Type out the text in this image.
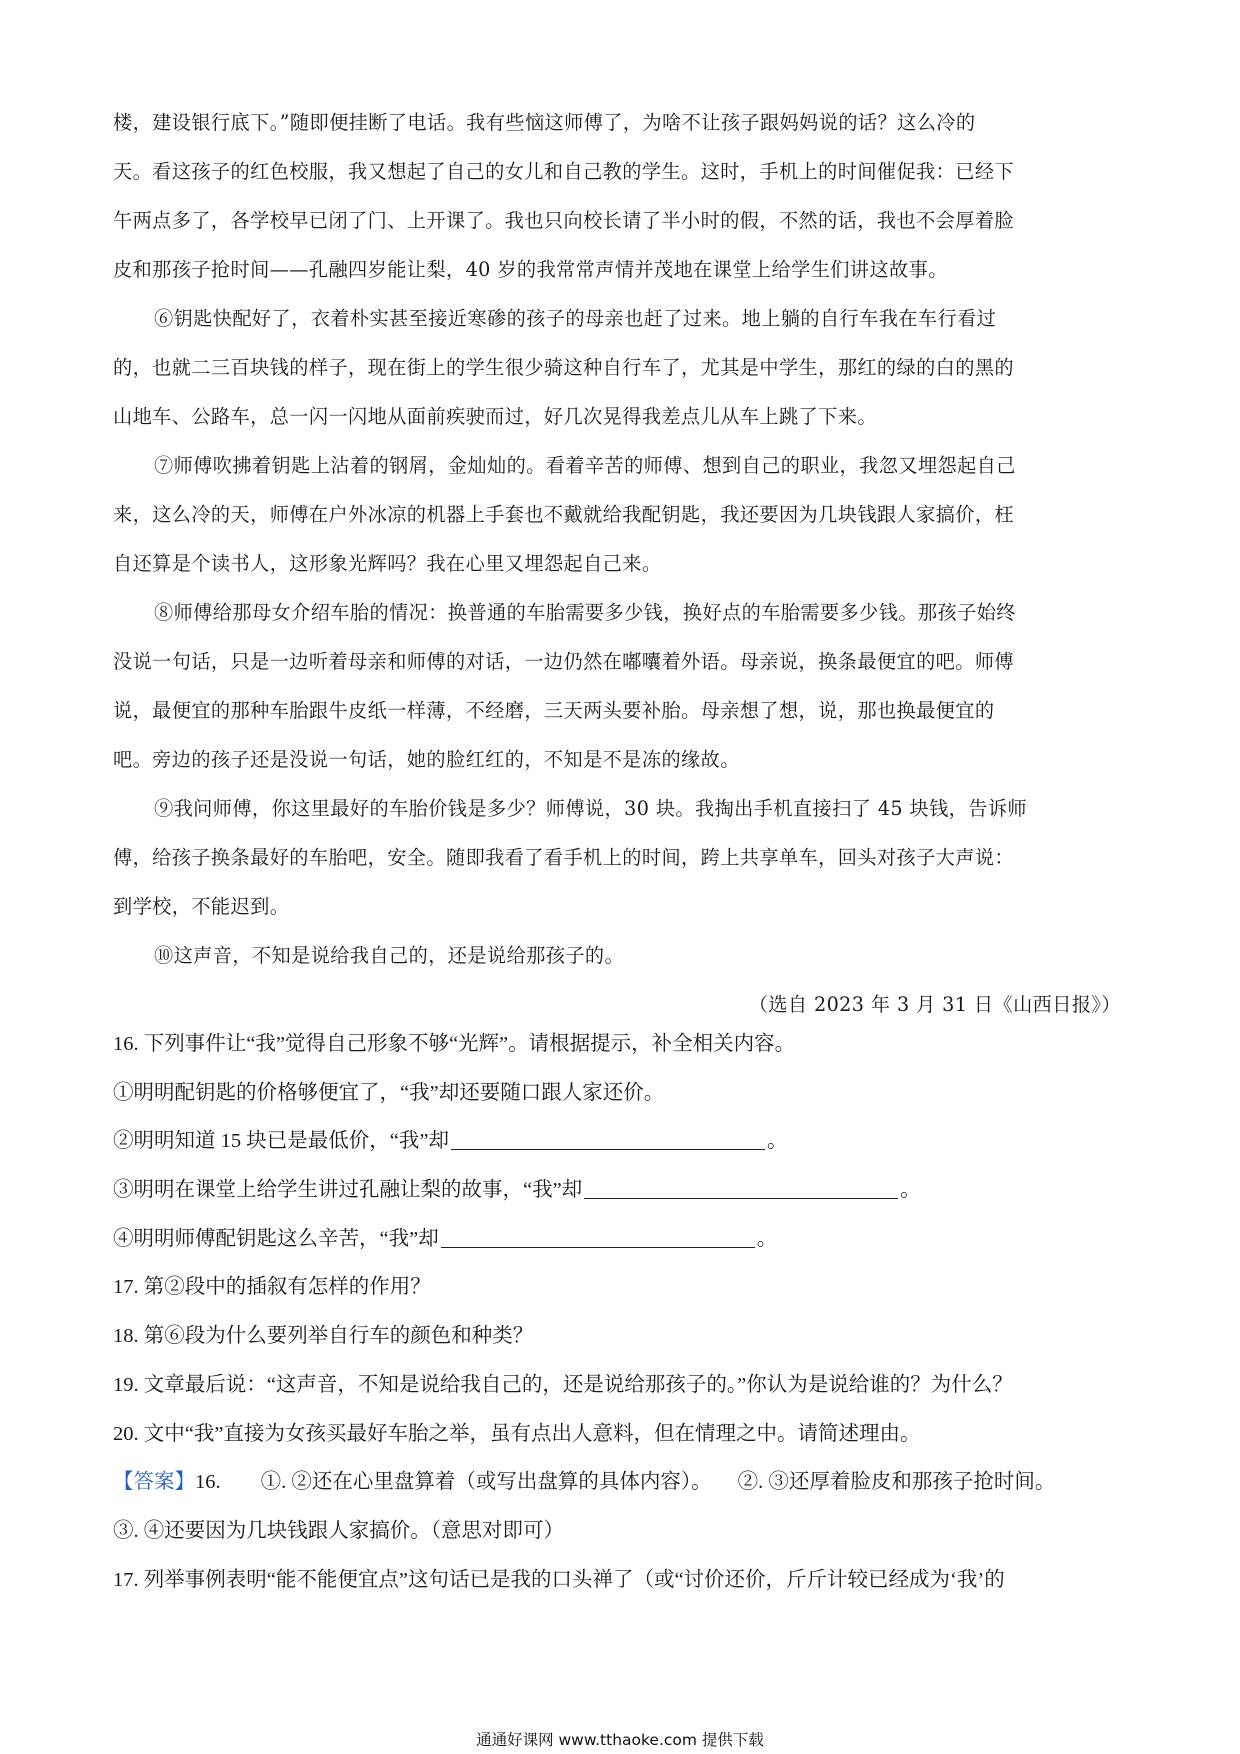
楼，建设银行底下。”随即便挂断了电话。我有些恼这师傅了，为啥不让孩子跟妈妈说的话？这么冷的
天。看这孩子的红色校服，我又想起了自己的女儿和自己教的学生。这时，手机上的时间催促我：已经下
午两点多了，各学校早已闭了门、上开课了。我也只向校长请了半小时的假，不然的话，我也不会厚着脸
皮和那孩子抢时间——孔融四岁能让梨，40 岁的我常常声情并茂地在课堂上给学生们讲这故事。
⑥钥匙快配好了，衣着朴实甚至接近寒碜的孩子的母亲也赶了过来。地上躺的自行车我在车行看过
的，也就二三百块钱的样子，现在街上的学生很少骑这种自行车了，尤其是中学生，那红的绿的白的黑的
山地车、公路车，总一闪一闪地从面前疾驶而过，好几次晃得我差点儿从车上跳了下来。
⑦师傅吹拂着钥匙上沾着的钢屑，金灿灿的。看着辛苦的师傅、想到自己的职业，我忽又埋怨起自己
来，这么冷的天，师傅在户外冰凉的机器上手套也不戴就给我配钥匙，我还要因为几块钱跟人家搞价，枉
自还算是个读书人，这形象光辉吗？我在心里又埋怨起自己来。
⑧师傅给那母女介绍车胎的情况：换普通的车胎需要多少钱，换好点的车胎需要多少钱。那孩子始终
没说一句话，只是一边听着母亲和师傅的对话，一边仍然在嘟囔着外语。母亲说，换条最便宜的吧。师傅
说，最便宜的那种车胎跟牛皮纸一样薄，不经磨，三天两头要补胎。母亲想了想，说，那也换最便宜的
吧。旁边的孩子还是没说一句话，她的脸红红的，不知是不是冻的缘故。
⑨我问师傅，你这里最好的车胎价钱是多少？师傅说，30 块。我掏出手机直接扫了 45 块钱，告诉师
傅，给孩子换条最好的车胎吧，安全。随即我看了看手机上的时间，跨上共享单车，回头对孩子大声说：
到学校，不能迟到。
⑩这声音，不知是说给我自己的，还是说给那孩子的。
（选自 2023 年 3 月 31 日《山西日报》）
16. 下列事件让“我”觉得自己形象不够“光辉”。请根据提示，补全相关内容。
①明明配钥匙的价格够便宜了，“我”却还要随口跟人家还价。
②明明知道 15 块已是最低价，“我”却	。
③明明在课堂上给学生讲过孔融让梨的故事，“我”却	。
④明明师傅配钥匙这么辛苦，“我”却	。
17. 第②段中的插叙有怎样的作用？
18. 第⑥段为什么要列举自行车的颜色和种类？
19. 文章最后说：“这声音，不知是说给我自己的，还是说给那孩子的。”你认为是说给谁的？为什么？
20. 文中“我”直接为女孩买最好车胎之举，虽有点出人意料，但在情理之中。请简述理由。
【答案】16. ①. ②还在心里盘算着（或写出盘算的具体内容）。 ②. ③还厚着脸皮和那孩子抢时间。
③. ④还要因为几块钱跟人家搞价。（意思对即可）
17. 列举事例表明“能不能便宜点”这句话已是我的口头禅了（或“讨价还价，斤斤计较已经成为‘我’的
通通好课网 www.tthaoke.com 提供下载
